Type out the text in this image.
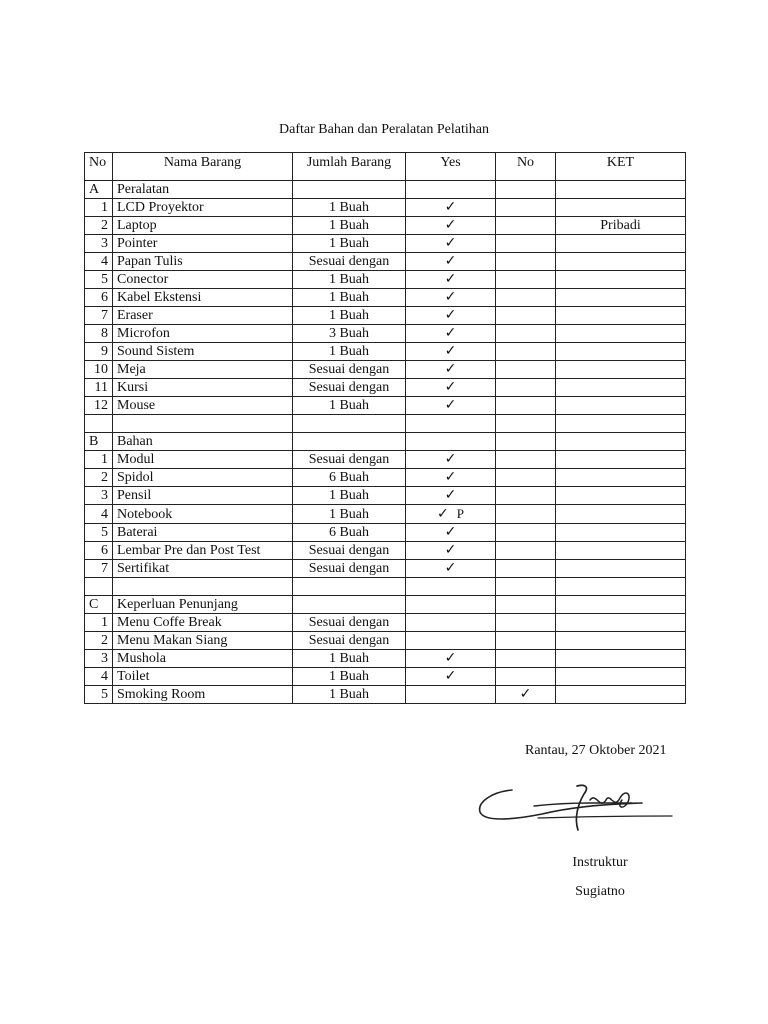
Daftar Bahan dan Peralatan Pelatihan
No	Nama Barang	Jumlah Barang	Yes	No	KET
A	Peralatan				
1	LCD Proyektor	1 Buah	✓		
2	Laptop	1 Buah	✓		Pribadi
3	Pointer	1 Buah	✓		
4	Papan Tulis	Sesuai dengan	✓		
5	Conector	1 Buah	✓		
6	Kabel Ekstensi	1 Buah	✓		
7	Eraser	1 Buah	✓		
8	Microfon	3 Buah	✓		
9	Sound Sistem	1 Buah	✓		
10	Meja	Sesuai dengan	✓		
11	Kursi	Sesuai dengan	✓		
12	Mouse	1 Buah	✓		

B	Bahan				
1	Modul	Sesuai dengan	✓		
2	Spidol	6 Buah	✓		
3	Pensil	1 Buah	✓		
4	Notebook	1 Buah	✓ P		
5	Baterai	6 Buah	✓		
6	Lembar Pre dan Post Test	Sesuai dengan	✓		
7	Sertifikat	Sesuai dengan	✓		

C	Keperluan Penunjang				
1	Menu Coffe Break	Sesuai dengan			
2	Menu Makan Siang	Sesuai dengan			
3	Mushola	1 Buah	✓		
4	Toilet	1 Buah	✓		
5	Smoking Room	1 Buah		✓	
Rantau, 27 Oktober 2021
Instruktur
Sugiatno
